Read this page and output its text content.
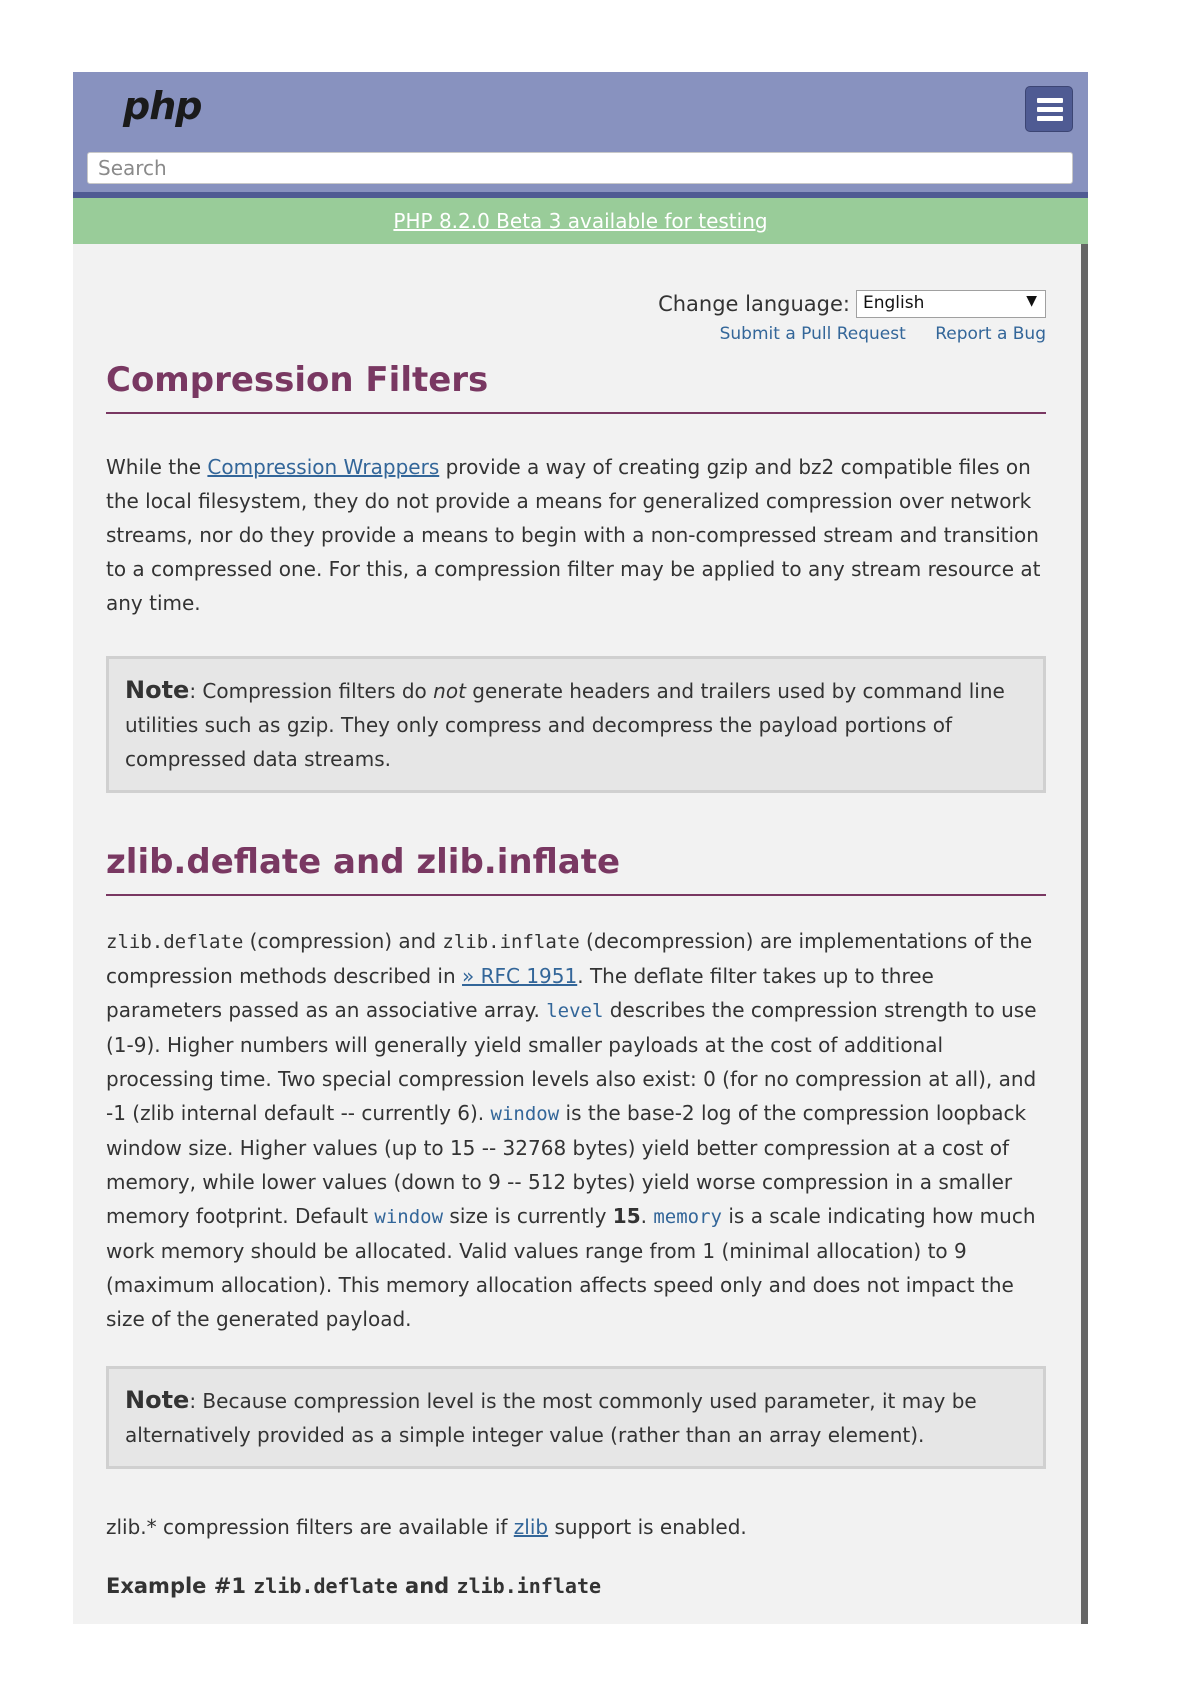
php
Search
PHP 8.2.0 Beta 3 available for testing
Change language: English	▼
Submit a Pull Request Report a Bug
Compression Filters

While the Compression Wrappers provide a way of creating gzip and bz2 compatible files on the local filesystem, they do not provide a means for generalized compression over network streams, nor do they provide a means to begin with a non-compressed stream and transition to a compressed one. For this, a compression filter may be applied to any stream resource at any time.

Note: Compression filters do not generate headers and trailers used by command line utilities such as gzip. They only compress and decompress the payload portions of compressed data streams.
zlib.deflate and zlib.inflate

zlib.deflate (compression) and zlib.inflate (decompression) are implementations of the compression methods described in » RFC 1951. The deflate filter takes up to three parameters passed as an associative array. level describes the compression strength to use (1-9). Higher numbers will generally yield smaller payloads at the cost of additional processing time. Two special compression levels also exist: 0 (for no compression at all), and -1 (zlib internal default -- currently 6). window is the base-2 log of the compression loopback window size. Higher values (up to 15 -- 32768 bytes) yield better compression at a cost of memory, while lower values (down to 9 -- 512 bytes) yield worse compression in a smaller memory footprint. Default window size is currently 15. memory is a scale indicating how much work memory should be allocated. Valid values range from 1 (minimal allocation) to 9 (maximum allocation). This memory allocation affects speed only and does not impact the size of the generated payload.

Note: Because compression level is the most commonly used parameter, it may be alternatively provided as a simple integer value (rather than an array element).

zlib.* compression filters are available if zlib support is enabled.

Example #1 zlib.deflate and zlib.inflate
